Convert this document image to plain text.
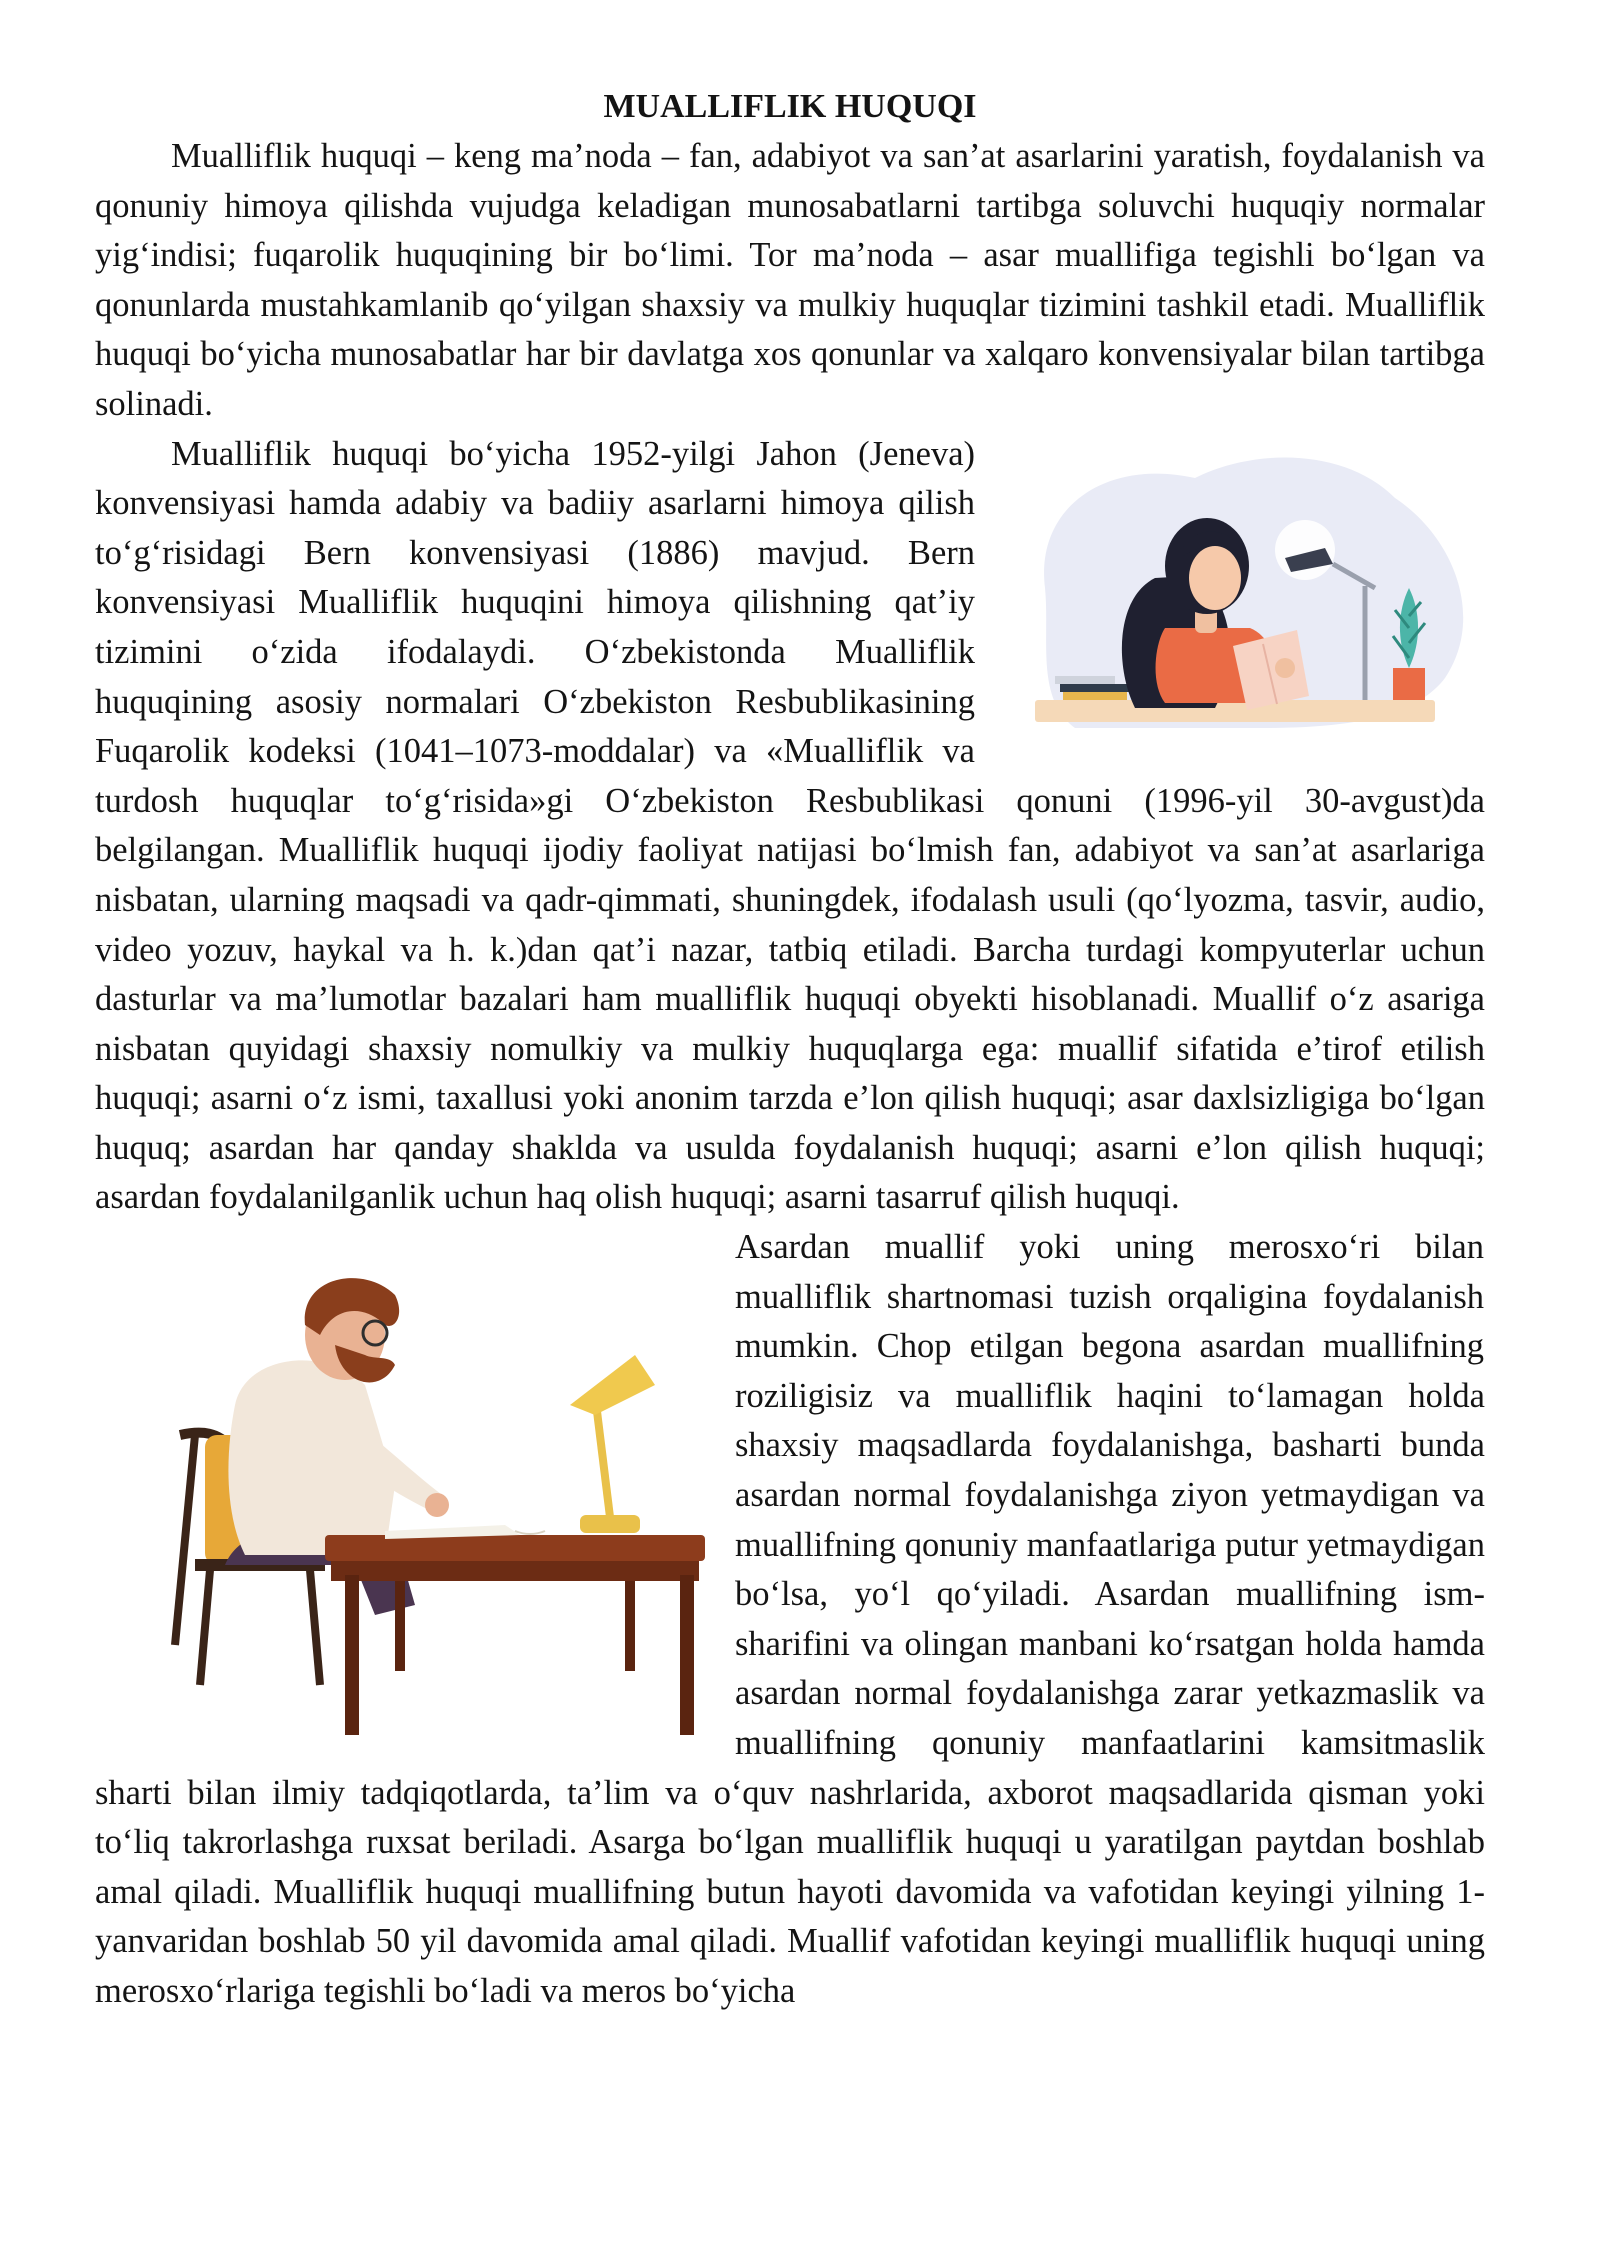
MUALLIFLIK HUQUQI

Mualliflik huquqi – keng ma’noda – fan, adabiyot va san’at asarlarini yaratish, foydalanish va qonuniy himoya qilishda vujudga keladigan munosabatlarni tartibga soluvchi huquqiy normalar yig‘indisi; fuqarolik huquqining bir bo‘limi. Tor ma’noda – asar muallifiga tegishli bo‘lgan va qonunlarda mustahkamlanib qo‘yilgan shaxsiy va mulkiy huquqlar tizimini tashkil etadi. Mualliflik huquqi bo‘yicha munosabatlar har bir davlatga xos qonunlar va xalqaro konvensiyalar bilan tartibga solinadi.

Mualliflik huquqi bo‘yicha 1952-yilgi Jahon (Jeneva) konvensiyasi hamda adabiy va badiiy asarlarni himoya qilish to‘g‘risidagi Bern konvensiyasi (1886) mavjud. Bern konvensiyasi Mualliflik huquqini himoya qilishning qat’iy tizimini o‘zida ifodalaydi. O‘zbekistonda Mualliflik huquqining asosiy normalari O‘zbekiston Resbublikasining Fuqarolik kodeksi (1041–1073-moddalar) va «Mualliflik va turdosh huquqlar to‘g‘risida»gi O‘zbekiston Resbublikasi qonuni (1996-yil 30-avgust)da belgilangan. Mualliflik huquqi ijodiy faoliyat natijasi bo‘lmish fan, adabiyot va san’at asarlariga nisbatan, ularning maqsadi va qadr-qimmati, shuningdek, ifodalash usuli (qo‘lyozma, tasvir, audio, video yozuv, haykal va h. k.)dan qat’i nazar, tatbiq etiladi. Barcha turdagi kompyuterlar uchun dasturlar va ma’lumotlar bazalari ham mualliflik huquqi obyekti hisoblanadi. Muallif o‘z asariga nisbatan quyidagi shaxsiy nomulkiy va mulkiy huquqlarga ega: muallif sifatida e’tirof etilish huquqi; asarni o‘z ismi, taxallusi yoki anonim tarzda e’lon qilish huquqi; asar daxlsizligiga bo‘lgan huquq; asardan har qanday shaklda va usulda foydalanish huquqi; asarni e’lon qilish huquqi; asardan foydalanilganlik uchun haq olish huquqi; asarni tasarruf qilish huquqi.

Asardan muallif yoki uning merosxo‘ri bilan mualliflik shartnomasi tuzish orqaligina foydalanish mumkin. Chop etilgan begona asardan muallifning roziligisiz va mualliflik haqini to‘lamagan holda shaxsiy maqsadlarda foydalanishga, basharti bunda asardan normal foydalanishga ziyon yetmaydigan va muallifning qonuniy manfaatlariga putur yetmaydigan bo‘lsa, yo‘l qo‘yiladi. Asardan muallifning ism-sharifini va olingan manbani ko‘rsatgan holda hamda asardan normal foydalanishga zarar yetkazmaslik va muallifning qonuniy manfaatlarini kamsitmaslik sharti bilan ilmiy tadqiqotlarda, ta’lim va o‘quv nashrlarida, axborot maqsadlarida qisman yoki to‘liq takrorlashga ruxsat beriladi. Asarga bo‘lgan mualliflik huquqi u yaratilgan paytdan boshlab amal qiladi. Mualliflik huquqi muallifning butun hayoti davomida va vafotidan keyingi yilning 1-yanvaridan boshlab 50 yil davomida amal qiladi. Muallif vafotidan keyingi mualliflik huquqi uning merosxo‘rlariga tegishli bo‘ladi va meros bo‘yicha
